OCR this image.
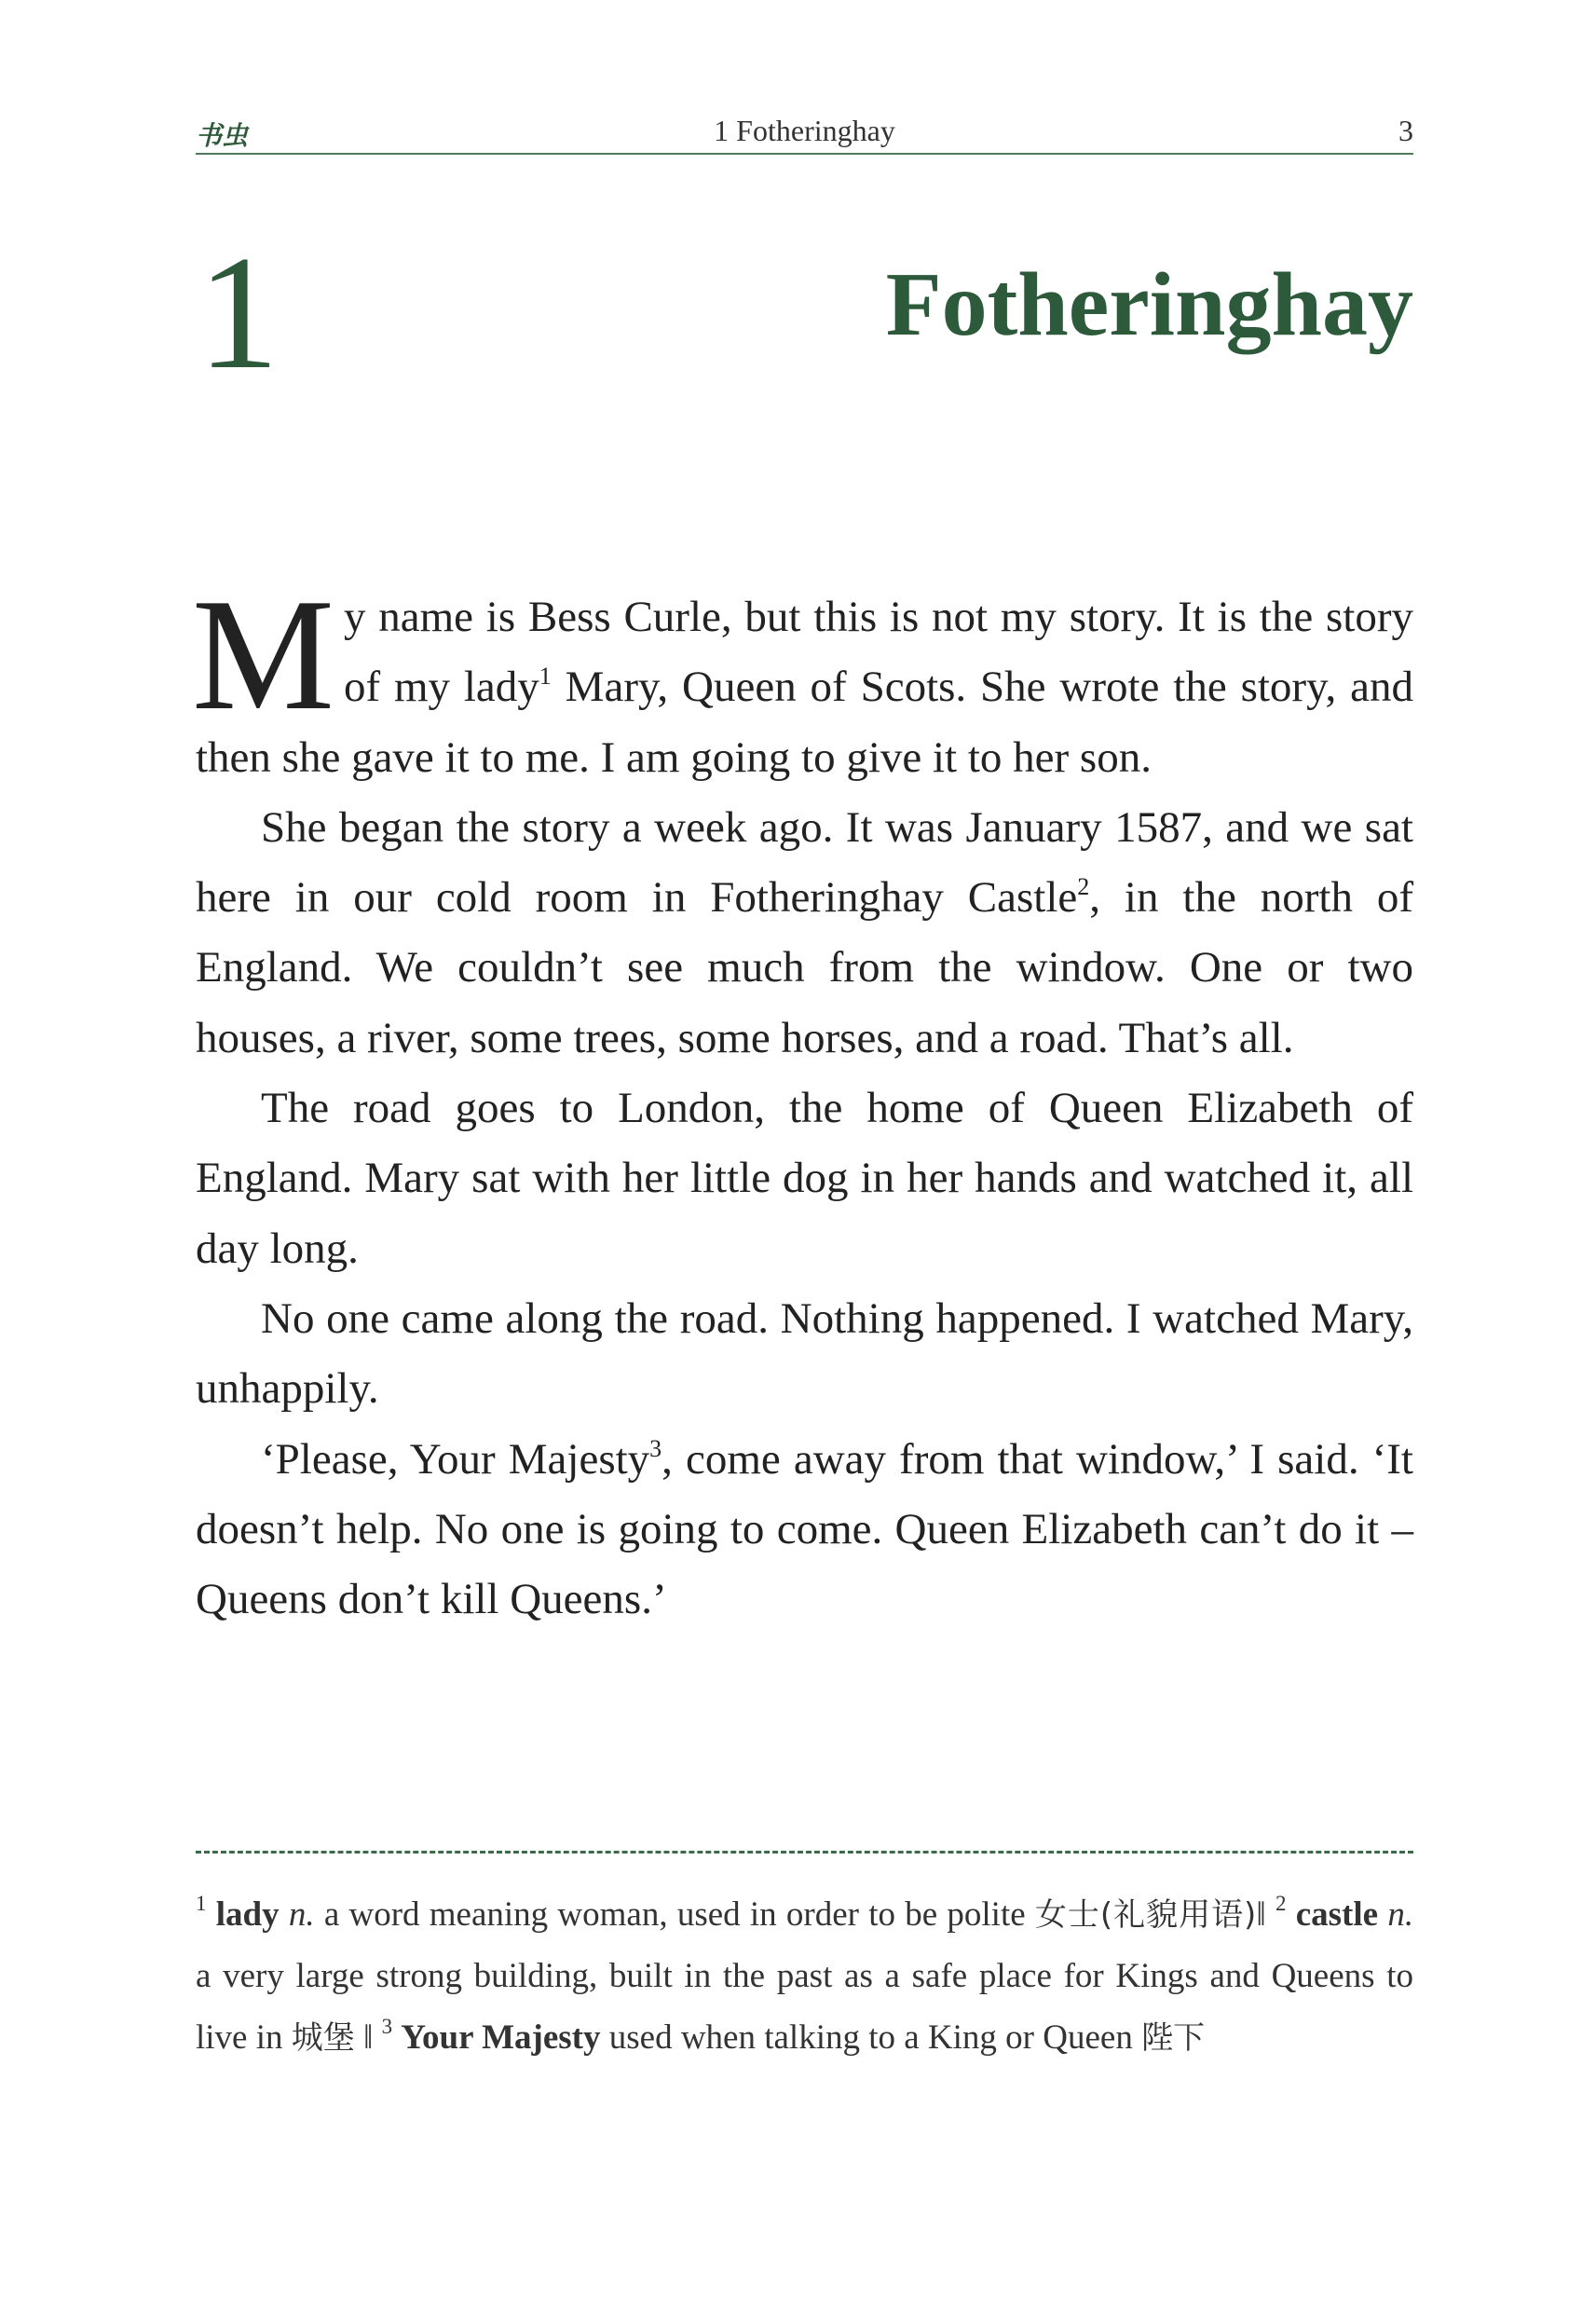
书虫	1 Fotheringhay	3
1	Fotheringhay

My name is Bess Curle, but this is not my story. It is the story of my lady$^1$ Mary, Queen of Scots. She wrote the story, and then she gave it to me. I am going to give it to her son.

She began the story a week ago. It was January 1587, and we sat here in our cold room in Fotheringhay Castle$^2$, in the north of England. We couldn’t see much from the window. One or two houses, a river, some trees, some horses, and a road. That’s all.

The road goes to London, the home of Queen Elizabeth of England. Mary sat with her little dog in her hands and watched it, all day long.

No one came along the road. Nothing happened. I watched Mary, unhappily.

‘Please, Your Majesty$^3$, come away from that window,’ I said. ‘It doesn’t help. No one is going to come. Queen Elizabeth can’t do it – Queens don’t kill Queens.’

$^1$ lady n. a word meaning woman, used in order to be polite 女士(礼貌用语)‖ $^2$ castle n. a very large strong building, built in the past as a safe place for Kings and Queens to live in 城堡 ‖ $^3$ Your Majesty used when talking to a King or Queen 陛下
